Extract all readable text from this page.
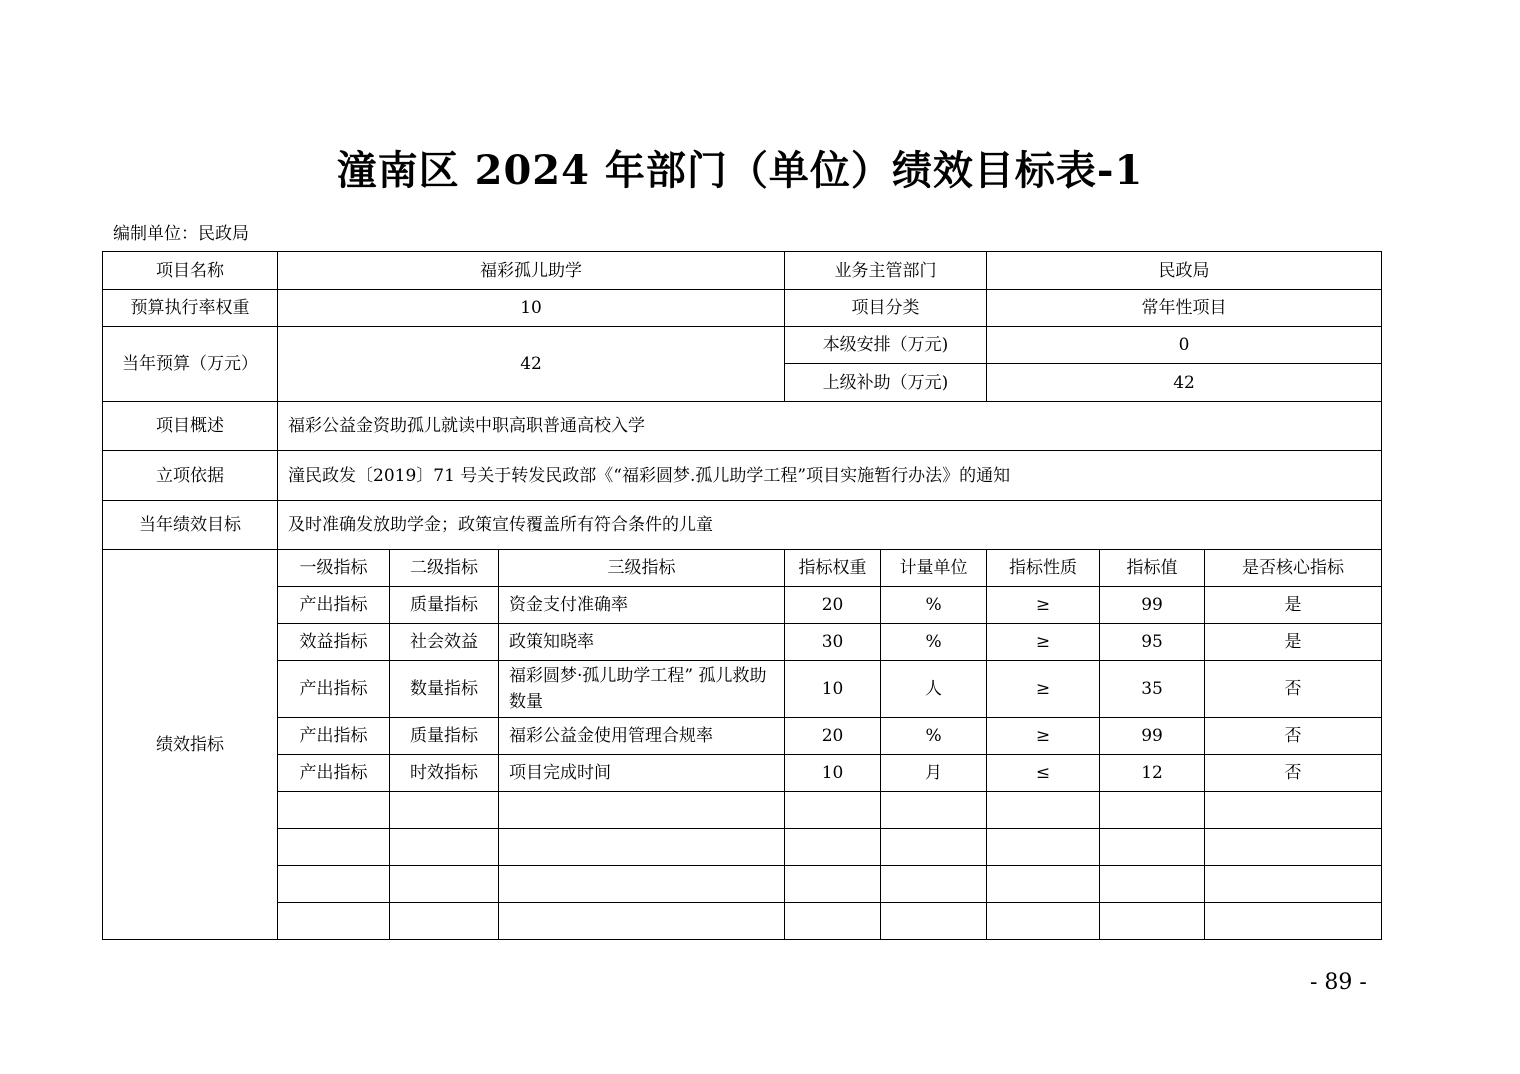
潼南区 2024 年部门（单位）绩效目标表-1
编制单位：民政局
项目名称	福彩孤儿助学			业务主管部门		民政局		
预算执行率权重	10			项目分类		常年性项目		
当年预算（万元）	42			本级安排（万元)		0		
				上级补助（万元)		42		
项目概述	福彩公益金资助孤儿就读中职高职普通高校入学							
立项依据	潼民政发〔2019〕71 号关于转发民政部《“福彩圆梦.孤儿助学工程”项目实施暂行办法》的通知							
当年绩效目标	及时准确发放助学金；政策宣传覆盖所有符合条件的儿童							
绩效指标	一级指标	二级指标	三级指标	指标权重	计量单位	指标性质	指标值	是否核心指标
	产出指标	质量指标	资金支付准确率	20	%	≥	99	是
	效益指标	社会效益	政策知晓率	30	%	≥	95	是
	产出指标	数量指标	福彩圆梦·孤儿助学工程” 孤儿救助数量	10	人	≥	35	否
	产出指标	质量指标	福彩公益金使用管理合规率	20	%	≥	99	否
	产出指标	时效指标	项目完成时间	10	月	≤	12	否

- 89 -
